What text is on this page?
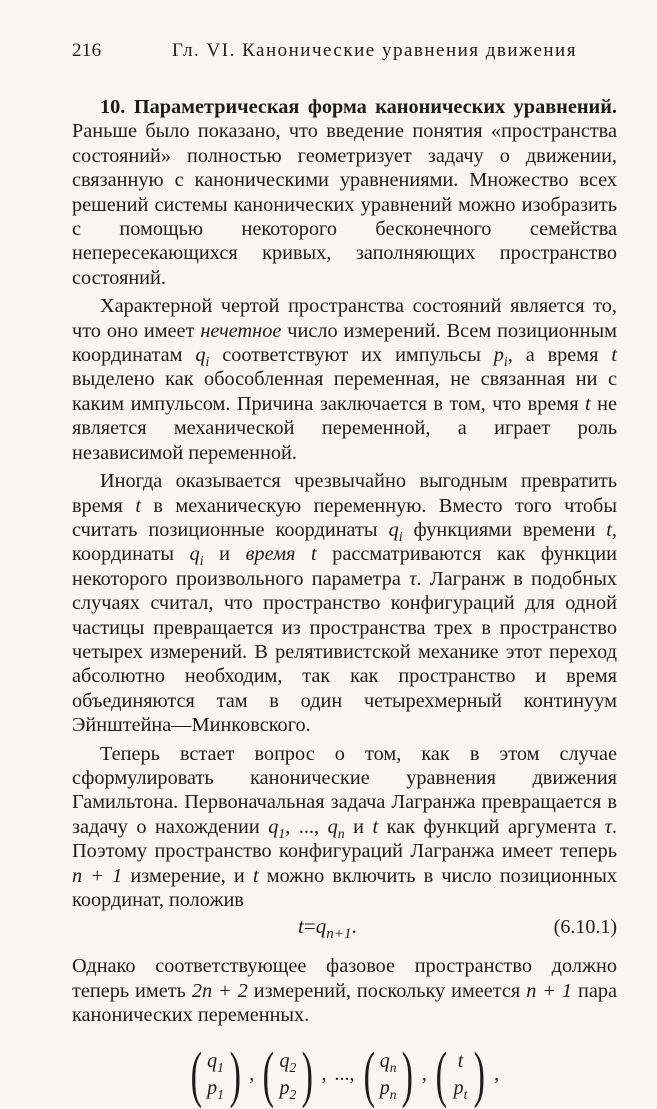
216	Гл. VI. Канонические уравнения движения

10. Параметрическая форма канонических уравнений. Раньше было показано, что введение понятия «пространства состояний» полностью геометризует задачу о движении, связанную с каноническими уравнениями. Множество всех решений системы канонических уравнений можно изобразить с помощью некоторого бесконечного семейства непересекающихся кривых, заполняющих пространство состояний.

Характерной чертой пространства состояний является то, что оно имеет нечетное число измерений. Всем позиционным координатам $q_i$ соответствуют их импульсы $p_i$, а время t выделено как обособленная переменная, не связанная ни с каким импульсом. Причина заключается в том, что время t не является механической переменной, а играет роль независимой переменной.

Иногда оказывается чрезвычайно выгодным превратить время t в механическую переменную. Вместо того чтобы считать позиционные координаты $q_i$ функциями времени t, координаты $q_i$ и время t рассматриваются как функции некоторого произвольного параметра τ. Лагранж в подобных случаях считал, что пространство конфигураций для одной частицы превращается из пространства трех в пространство четырех измерений. В релятивистской механике этот переход абсолютно необходим, так как пространство и время объединяются там в один четырехмерный континуум Эйнштейна—Минковского.

Теперь встает вопрос о том, как в этом случае сформулировать канонические уравнения движения Гамильтона. Первоначальная задача Лагранжа превращается в задачу о нахождении $q_1$, ..., $q_n$ и t как функций аргумента τ. Поэтому пространство конфигураций Лагранжа имеет теперь n + 1 измерение, и t можно включить в число позиционных координат, положив

$t=q_{n+1}$.	(6.10.1)

Однако соответствующее фазовое пространство должно теперь иметь 2n + 2 измерений, поскольку имеется n + 1 пара канонических переменных.

( $q_1$
$p_1$ ) , ( $q_2$
$p_2$ ) , ..., ( $q_n$
$p_n$ ) , ( t
$p_t$ ) ,
